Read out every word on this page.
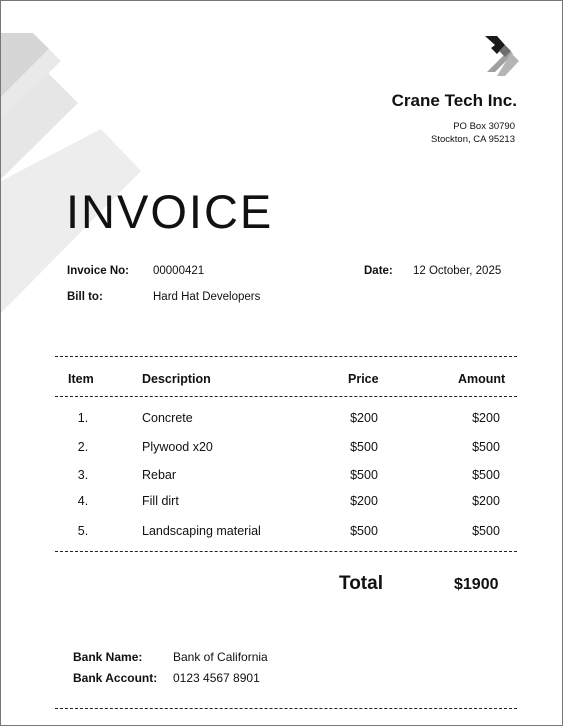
Crane Tech Inc.
PO Box 30790
Stockton, CA 95213
INVOICE
Invoice No: 00000421	Date: 12 October, 2025
Bill to:	Hard Hat Developers
Item	Description	Price	Amount
1.	Concrete	$200	$200
2.	Plywood x20	$500	$500
3.	Rebar	$500	$500
4.	Fill dirt	$200	$200
5.	Landscaping material	$500	$500
Total	$1900
Bank Name:	Bank of California
Bank Account: 0123 4567 8901
